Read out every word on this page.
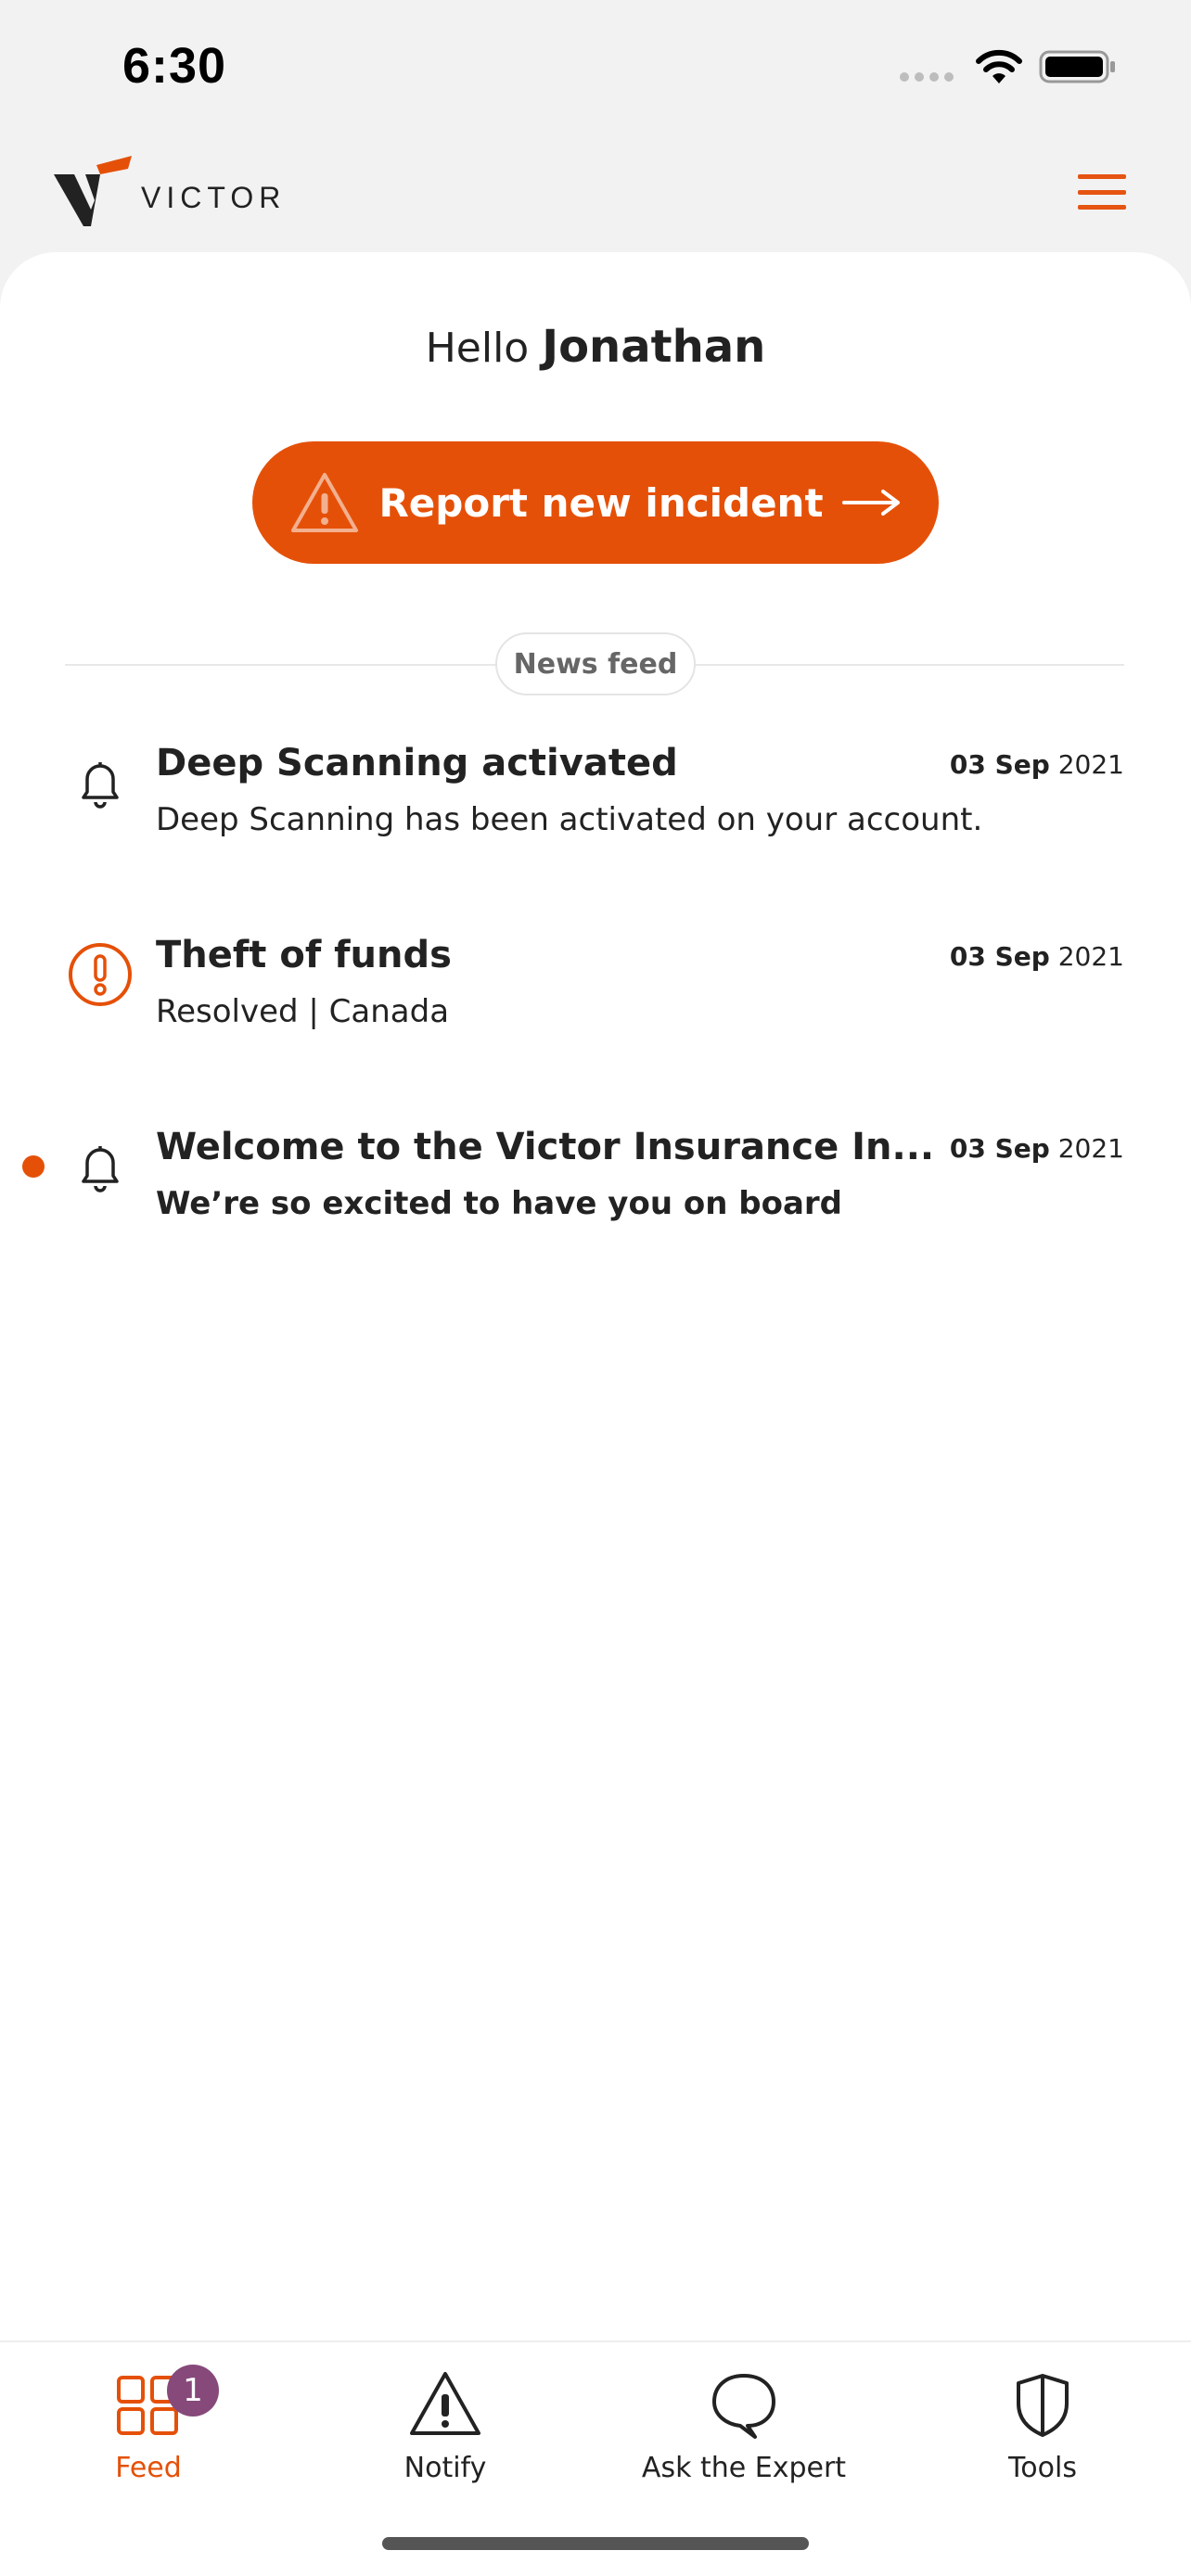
6:30
VICTOR
Hello Jonathan
Report new incident
News feed
Deep Scanning activated	03 Sep 2021
Deep Scanning has been activated on your account.
Theft of funds	03 Sep 2021
Resolved | Canada
Welcome to the Victor Insurance In... 03 Sep 2021
We’re so excited to have you on board
Feed
1
Notify	Ask the Expert	Tools
